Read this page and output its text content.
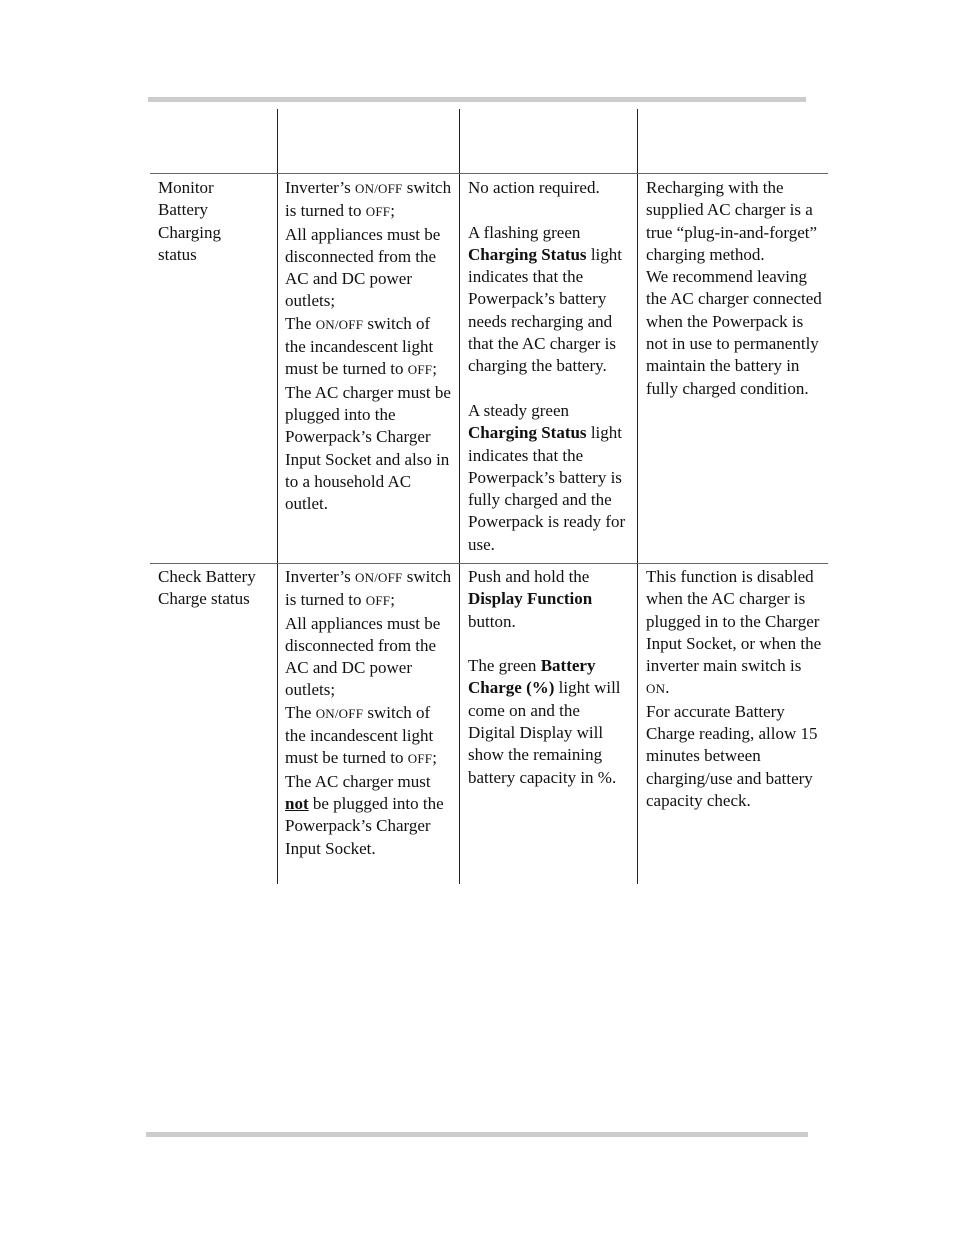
Monitor Battery Charging status
Inverter’s ON/OFF switch is turned to OFF;
All appliances must be disconnected from the AC and DC power outlets;
The ON/OFF switch of the incandescent light must be turned to OFF;
The AC charger must be plugged into the Powerpack’s Charger Input Socket and also in to a household AC outlet.
No action required.
A flashing green Charging Status light indicates that the Powerpack’s battery needs recharging and that the AC charger is charging the battery.
A steady green Charging Status light indicates that the Powerpack’s battery is fully charged and the Powerpack is ready for use.
Recharging with the supplied AC charger is a true “plug-in-and-forget” charging method.
We recommend leaving the AC charger connected when the Powerpack is not in use to permanently maintain the battery in fully charged condition.
Check Battery Charge status
Inverter’s ON/OFF switch is turned to OFF;
All appliances must be disconnected from the AC and DC power outlets;
The ON/OFF switch of the incandescent light must be turned to OFF;
The AC charger must not be plugged into the Powerpack’s Charger Input Socket.
Push and hold the Display Function button.
The green Battery Charge (%) light will come on and the Digital Display will show the remaining battery capacity in %.
This function is disabled when the AC charger is plugged in to the Charger Input Socket, or when the inverter main switch is ON.
For accurate Battery Charge reading, allow 15 minutes between charging/use and battery capacity check.
